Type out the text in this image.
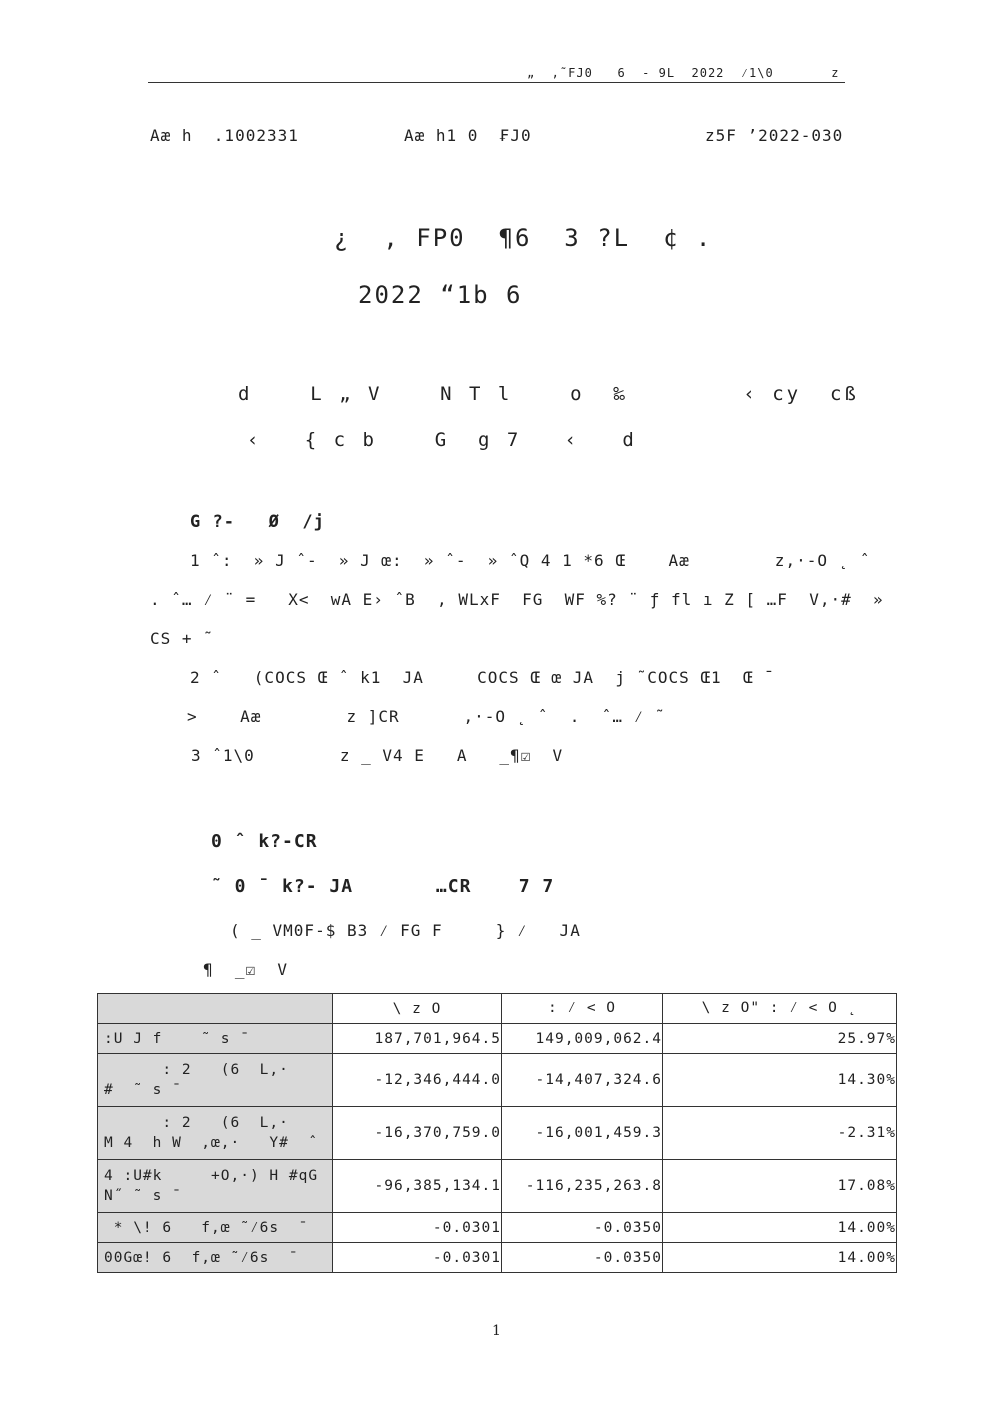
„  ,˜FJ0   6  - 9L  2022  ⁄1\0       z
Aæ h  .1002331	Aæ h1 0  ₣J0	z5F ’2022-030
¿  , FP0  ¶6  3 ?L  ¢ .
2022 “1b 6
d    L „ V    N T l    o  ‰        ‹ cy  cß
‹   { c b    G  g 7   ‹   d
G ?-   Ø  /j
1 ˆ:  » J ˆ-  » J œ:  » ˆ-  » ˆQ 4 1 *6 Œ    Aæ        z,·-O ˛ ˆ
. ˆ… ⁄ ¨ =   X<  wA E› ˆB  , WLxF  FG  WF %? ¨ ƒ fl ı Z [ …F  V,·#  »
CS + ˜
2 ˆ   (COCS Œ ˆ k1  JA     COCS Œ œ JA  j ˜COCS Œ1  Œ ¯
>    Aæ        z ]CR      ,·-O ˛ ˆ  .  ˆ… ⁄ ˜
3 ˆ1\0        z _ V4 E   A   _¶☑  V
0 ˆ k?-CR
˜ 0 ¯ k?- JA       …CR    7 7
( _ VM0F-$ B3 ⁄ FG F     } ⁄   JA
¶  _☑  V
	\ z O	: ⁄ < O	\ z O" : ⁄ < O ˛
:U J f    ˜ s ¯	187,701,964.5	149,009,062.4	25.97%
: 2   (6  L,·
#  ˜ s ¯	-12,346,444.0	-14,407,324.6	14.30%
: 2   (6  L,·
M 4  h W  ,œ,·   Y#  ˆ	-16,370,759.0	-16,001,459.3	-2.31%
4 :U#k     +O,·) H #qG
N˝ ˜ s ¯	-96,385,134.1	-116,235,263.8	17.08%
* \! 6   f,œ ˜⁄6s  ¯	-0.0301	-0.0350	14.00%
00Gœ! 6  f,œ ˜⁄6s  ¯	-0.0301	-0.0350	14.00%
1
